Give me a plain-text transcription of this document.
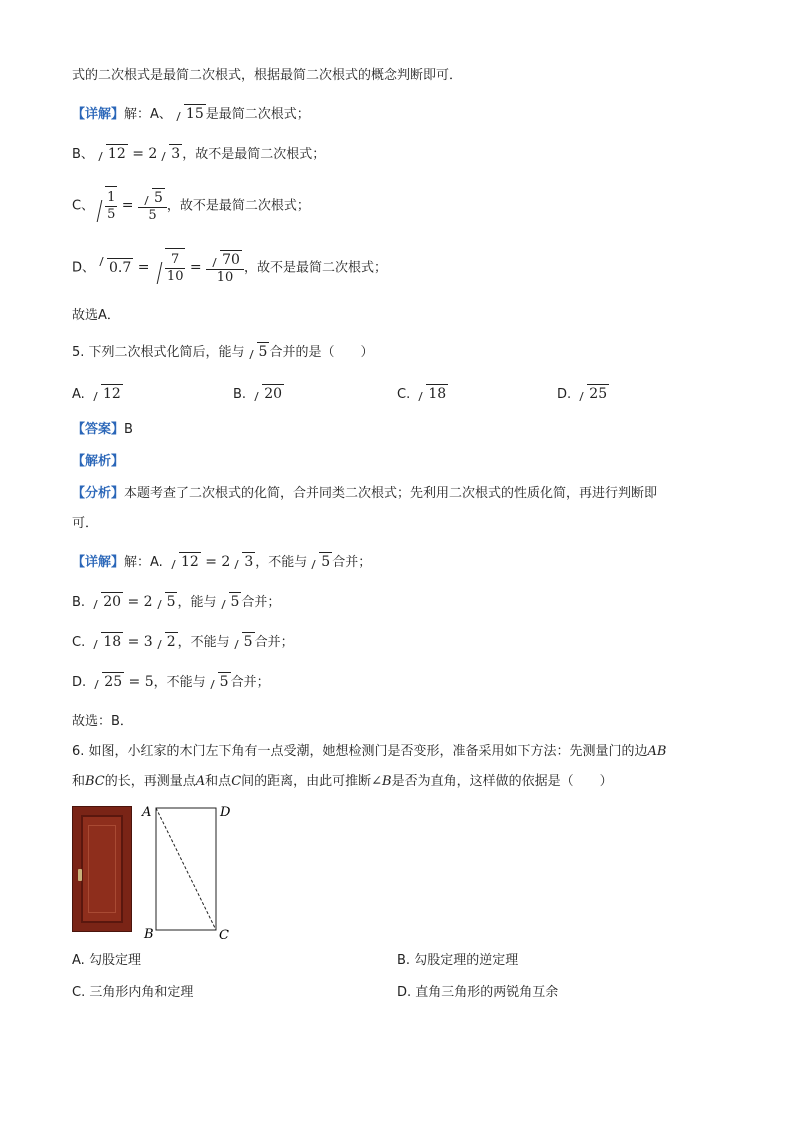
式的二次根式是最简二次根式，根据最简二次根式的概念判断即可．
【详解】解：A、 15 是最简二次根式；
B、 12 = 2 3 ，故不是最简二次根式；
C、 $\frac{1}{5} = \frac{5}{5}$ ，故不是最简二次根式；
D、 $0.7 = \frac{7}{10} = \frac{70}{10}$ ，故不是最简二次根式；
故选A．
5. 下列二次根式化简后，能与 5 合并的是（　　）
A. 12	B. 20	C. 18	D. 25
【答案】B
【解析】
【分析】本题考查了二次根式的化简，合并同类二次根式；先利用二次根式的性质化简，再进行判断即
可．
【详解】解：A. 12 = 2 3 ，不能与 5 合并；
B. 20 = 2 5 ，能与 5 合并；
C. 18 = 3 2 ，不能与 5 合并；
D. 25 = 5，不能与 5 合并；
故选：B．
6. 如图，小红家的木门左下角有一点受潮，她想检测门是否变形，准备采用如下方法：先测量门的边AB
和BC的长，再测量点A和点C间的距离，由此可推断∠B是否为直角，这样做的依据是（　　）
A	D
B	C
A. 勾股定理	B. 勾股定理的逆定理
C. 三角形内角和定理	D. 直角三角形的两锐角互余
